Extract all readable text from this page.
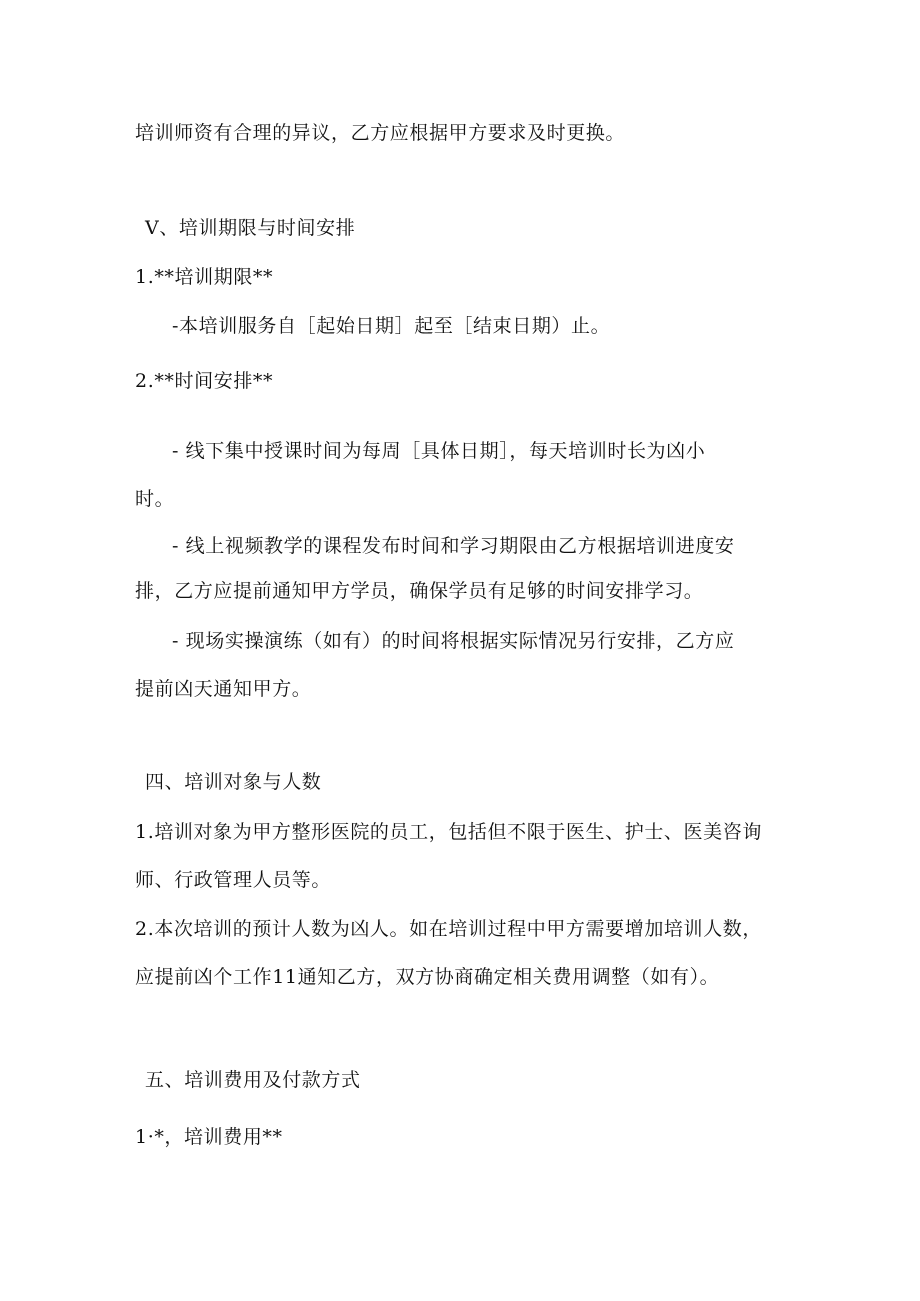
培训师资有合理的异议，乙方应根据甲方要求及时更换。
V、培训期限与时间安排
1.**培训期限**
-本培训服务自［起始日期］起至［结束日期）止。
2.**时间安排**
- 线下集中授课时间为每周［具体日期］，每天培训时长为凶小
时。
- 线上视频教学的课程发布时间和学习期限由乙方根据培训进度安
排，乙方应提前通知甲方学员，确保学员有足够的时间安排学习。
- 现场实操演练（如有）的时间将根据实际情况另行安排，乙方应
提前凶天通知甲方。
四、培训对象与人数
1.培训对象为甲方整形医院的员工，包括但不限于医生、护士、医美咨询
师、行政管理人员等。
2.本次培训的预计人数为凶人。如在培训过程中甲方需要增加培训人数，
应提前凶个工作11通知乙方，双方协商确定相关费用调整（如有）。
五、培训费用及付款方式
1·*，培训费用**
